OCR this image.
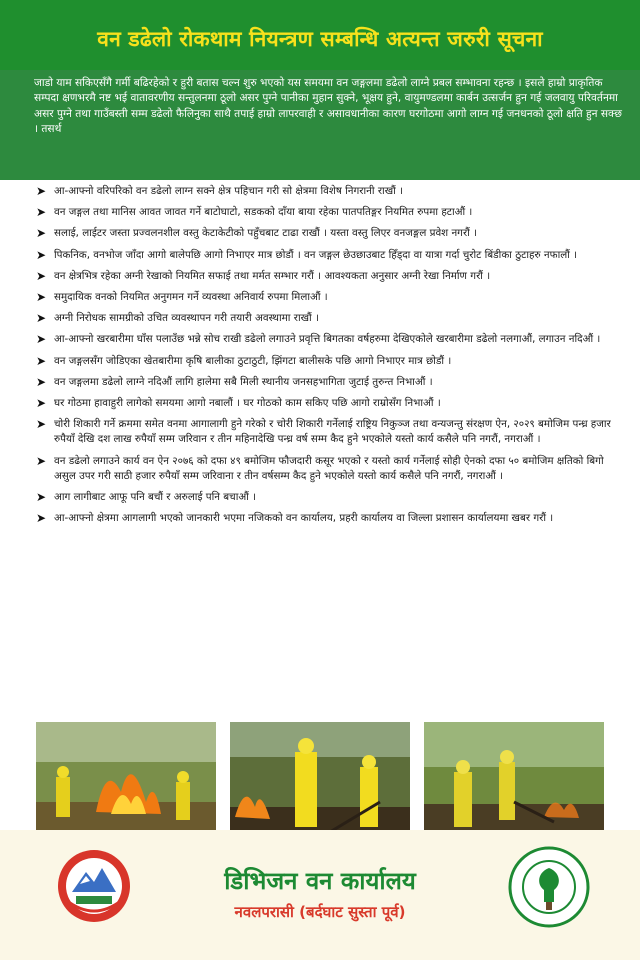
वन डढेलो रोकथाम नियन्त्रण सम्बन्धि अत्यन्त जरुरी सूचना
जाडो याम सकिएसँगै गर्मी बढिरहेको र हुरी बतास चल्न शुरु भएको यस समयमा वन जङ्गलमा डढेलो लाग्ने प्रबल सम्भावना रहन्छ । इसले हाम्रो प्राकृतिक सम्पदा क्षणभरमै नष्ट भई वातावरणीय सन्तुलनमा ठूलो असर पुग्ने पानीका मुहान सुक्ने, भूक्षय हुने, वायुमण्डलमा कार्बन उत्सर्जन हुन गई जलवायु परिवर्तनमा असर पुग्ने तथा गाउँबस्ती सम्म डढेलो फैलिनुका साथै तपाई हाम्रो लापरवाही र असावधानीका कारण घरगोठमा आगो लाग्न गई जनधनको ठूलो क्षति हुन सक्छ । तसर्थ
➤ आ-आफ्नो वरिपरिको वन डढेलो लाग्न सक्ने क्षेत्र पहिचान गरी सो क्षेत्रमा विशेष निगरानी राखौं ।
➤ वन जङ्गल तथा मानिस आवत जावत गर्ने बाटोघाटो, सडकको दाँया बाया रहेका पातपतिङ्गर नियमित रुपमा हटाऔं ।
➤ सलाई, लाईटर जस्ता प्रज्वलनशील वस्तु केटाकेटीको पहुँचबाट टाढा राखौं । यस्ता वस्तु लिएर वनजङ्गल प्रवेश नगरौं ।
➤ पिकनिक, वनभोज जाँदा आगो बालेपछि आगो निभाएर मात्र छोडौं । वन जङ्गल छेउछाउबाट हिँड्दा वा यात्रा गर्दा चुरोट बिंडीका ठुटाहरु नफालौं ।
➤ वन क्षेत्रभित्र रहेका अग्नी रेखाको नियमित सफाई तथा मर्मत सम्भार गरौं । आवश्यकता अनुसार अग्नी रेखा निर्माण गरौं ।
➤ समुदायिक वनको नियमित अनुगमन गर्ने व्यवस्था अनिवार्य रुपमा मिलाऔं ।
➤ अग्नी निरोधक सामग्रीको उचित व्यवस्थापन गरी तयारी अवस्थामा राखौं ।
➤ आ-आफ्नो खरबारीमा घाँस पलाउँछ भन्ने सोच राखी डढेलो लगाउने प्रवृत्ति बिगतका वर्षहरुमा देखिएकोले खरबारीमा डढेलो नलगाऔं, लगाउन नदिऔं ।
➤ वन जङ्गलसँग जोडिएका खेतबारीमा कृषि बालीका ठुटाठुटी, झिंगटा बालीसके पछि आगो निभाएर मात्र छोडौं ।
➤ वन जङ्गलमा डढेलो लाग्ने नदिऔं लागि हालेमा सबै मिली स्थानीय जनसहभागिता जुटाई तुरुन्त निभाऔं ।
➤ घर गोठमा हावाहुरी लागेको समयमा आगो नबालौं । घर गोठको काम सकिए पछि आगो राम्रोसँग निभाऔं ।
➤ चोरी शिकारी गर्ने क्रममा समेत वनमा आगालागी हुने गरेको र चोरी शिकारी गर्नेलाई राष्ट्रिय निकुञ्ज तथा वन्यजन्तु संरक्षण ऐन, २०२९ बमोजिम पन्ध्र हजार रुपैयाँ देखि दश लाख रुपैयाँ सम्म जरिवान र तीन महिनादेखि पन्ध्र वर्ष सम्म कैद हुने भएकोले यस्तो कार्य कसैले पनि नगरौं, नगराऔं ।
➤ वन डढेलो लगाउने कार्य वन ऐन २०७६ को दफा ४९ बमोजिम फौजदारी कसूर भएको र यस्तो कार्य गर्नेलाई सोही ऐनको दफा ५० बमोजिम क्षतिको बिगो असुल उपर गरी साठी हजार रुपैयाँ सम्म जरिवाना र तीन वर्षसम्म कैद हुने भएकोले यस्तो कार्य कसैले पनि नगरौं, नगराऔं ।
➤ आग लागीबाट आफू पनि बचौं र अरुलाई पनि बचाऔं ।
➤ आ-आफ्नो क्षेत्रमा आगलागी भएको जानकारी भएमा नजिकको वन कार्यालय, प्रहरी कार्यालय वा जिल्ला प्रशासन कार्यालयमा खबर गरौं ।
डिभिजन वन कार्यालय
नवलपरासी (बर्दघाट सुस्ता पूर्व)
